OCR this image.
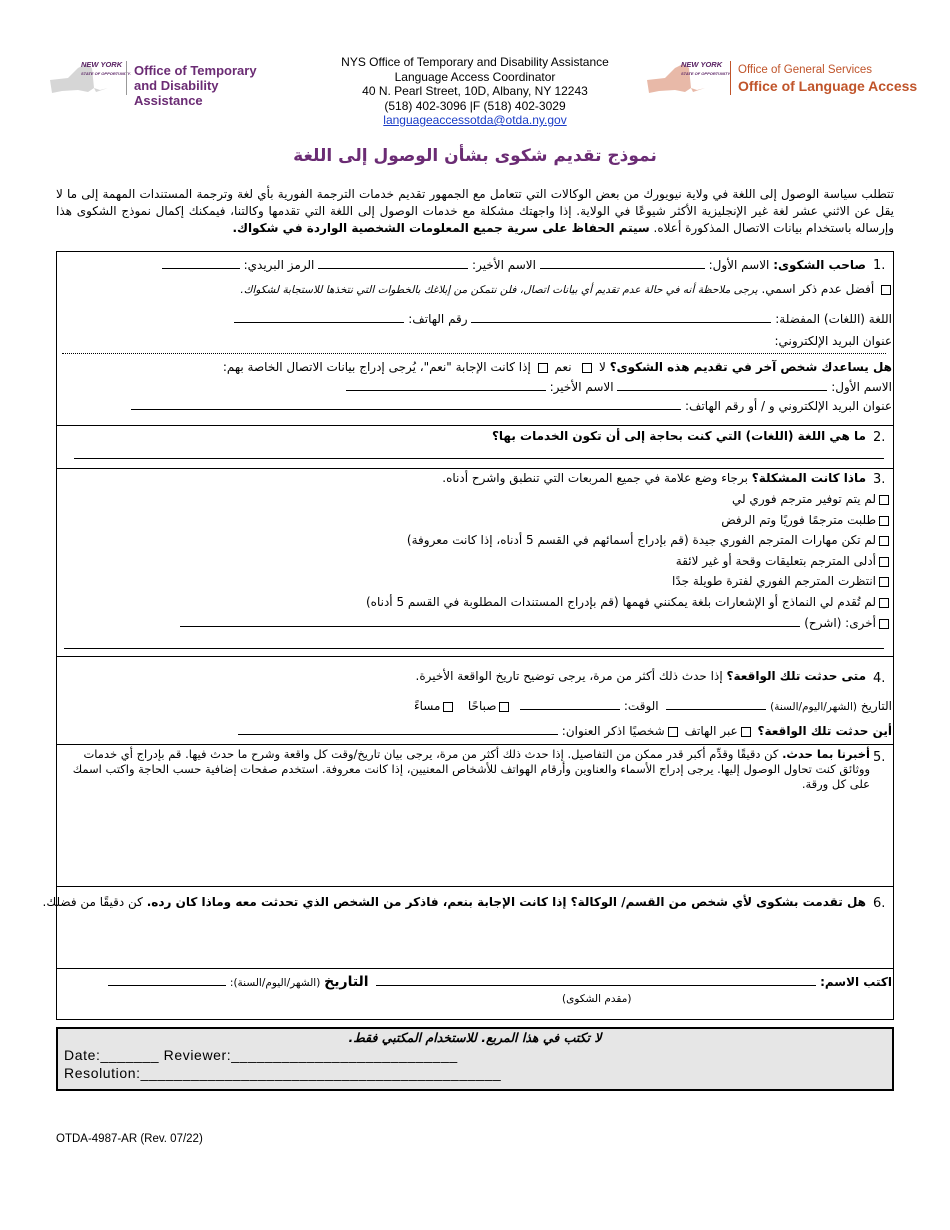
NEW YORK
STATE OF OPPORTUNITY. Office of Temporary
and Disability Assistance
NYS Office of Temporary and Disability Assistance
Language Access Coordinator
40 N. Pearl Street, 10D, Albany, NY 12243
(518) 402-3096 |F (518) 402-3029
languageaccessotda@otda.ny.gov
NEW YORK
STATE OF OPPORTUNITY. Office of General Services
Office of Language Access
نموذج تقديم شكوى بشأن الوصول إلى اللغة
تتطلب سياسة الوصول إلى اللغة في ولاية نيويورك من بعض الوكالات التي تتعامل مع الجمهور تقديم خدمات الترجمة الفورية بأي لغة وترجمة المستندات المهمة إلى ما لا يقل عن الاثني عشر لغة غير الإنجليزية الأكثر شيوعًا في الولاية. إذا واجهتك مشكلة مع خدمات الوصول إلى اللغة التي تقدمها وكالتنا، فيمكنك إكمال نموذج الشكوى هذا وإرساله باستخدام بيانات الاتصال المذكورة أعلاه. سيتم الحفاظ على سرية جميع المعلومات الشخصية الواردة في شكواك.
1.
صاحب الشكوى: الاسم الأول:  الاسم الأخير:  الرمز البريدي:
أفضل عدم ذكر اسمي. يرجى ملاحظة أنه في حالة عدم تقديم أي بيانات اتصال، فلن نتمكن من إبلاغك بالخطوات التي نتخذها للاستجابة لشكواك.
اللغة (اللغات) المفضلة:  رقم الهاتف:
عنوان البريد الإلكتروني:
هل يساعدك شخص آخر في تقديم هذه الشكوى؟ لا   نعم  إذا كانت الإجابة "نعم"، يُرجى إدراج بيانات الاتصال الخاصة بهم:
الاسم الأول:  الاسم الأخير:
عنوان البريد الإلكتروني و / أو رقم الهاتف:
2.
ما هي اللغة (اللغات) التي كنت بحاجة إلى أن تكون الخدمات بها؟
3.
ماذا كانت المشكلة؟ برجاء وضع علامة في جميع المربعات التي تنطبق واشرح أدناه.
لم يتم توفير مترجم فوري لي
طلبت مترجمًا فوريًا وتم الرفض
لم تكن مهارات المترجم الفوري جيدة (قم بإدراج أسمائهم في القسم 5 أدناه، إذا كانت معروفة)
أدلى المترجم بتعليقات وقحة أو غير لائقة
انتظرت المترجم الفوري لفترة طويلة جدًا
لم تُقدم لي النماذج أو الإشعارات بلغة يمكنني فهمها (قم بإدراج المستندات المطلوبة في القسم 5 أدناه)
أخرى: (اشرح)
4.
متى حدثت تلك الواقعة؟ إذا حدث ذلك أكثر من مرة، يرجى توضيح تاريخ الواقعة الأخيرة.
التاريخ (الشهر/اليوم/السنة)   الوقت:   صباحًا   مساءً
أين حدثت تلك الواقعة؟ عبر الهاتف شخصيًا اذكر العنوان:
5.
أخبرنا بما حدث. كن دقيقًا وقدِّم أكبر قدر ممكن من التفاصيل. إذا حدث ذلك أكثر من مرة، يرجى بيان تاريخ/وقت كل واقعة وشرح ما حدث فيها. قم بإدراج أي خدمات ووثائق كنت تحاول الوصول إليها. يرجى إدراج الأسماء والعناوين وأرقام الهواتف للأشخاص المعنيين، إذا كانت معروفة. استخدم صفحات إضافية حسب الحاجة واكتب اسمك على كل ورقة.
6.
هل تقدمت بشكوى لأي شخص من القسم/ الوكالة؟ إذا كانت الإجابة بنعم، فاذكر من الشخص الذي تحدثت معه وماذا كان رده. كن دقيقًا من فضلك.
اكتب الاسم:   التاريخ (الشهر/اليوم/السنة):
(مقدم الشكوى)
لا تكتب في هذا المربع. للاستخدام المكتبي فقط.
Date:_______ Reviewer:___________________________
Resolution:___________________________________________
OTDA-4987-AR (Rev. 07/22)
